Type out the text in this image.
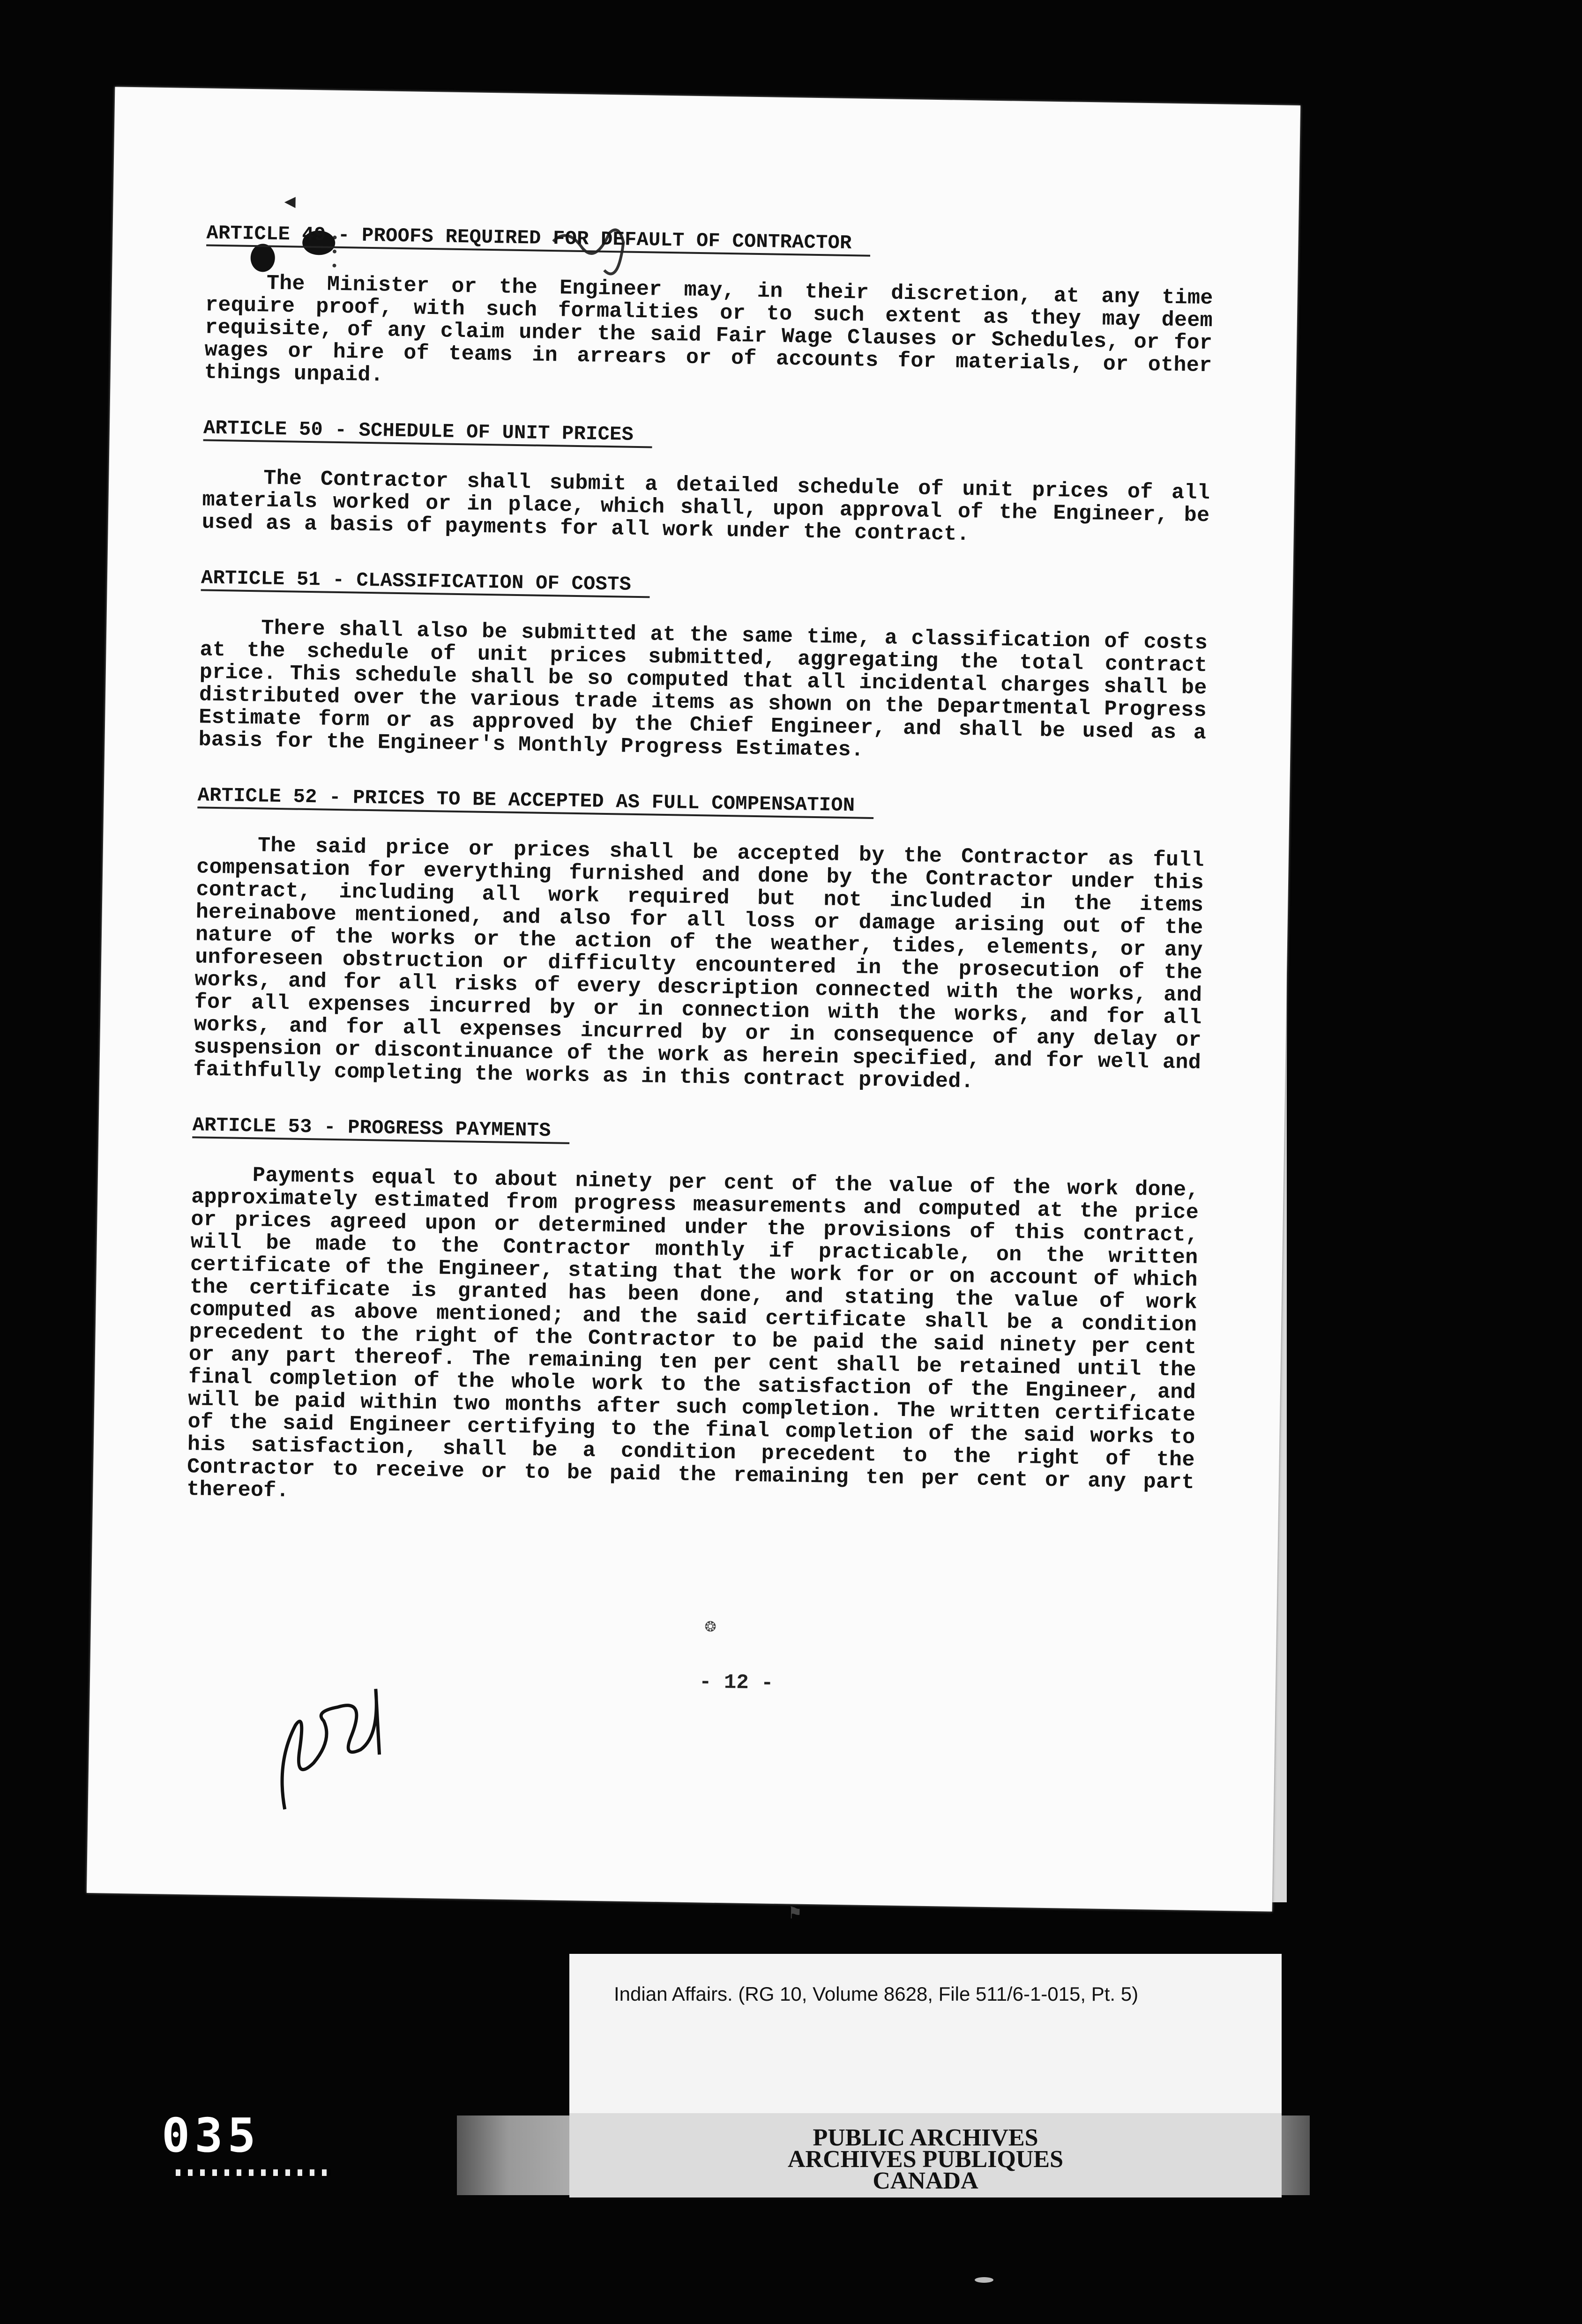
◀
ARTICLE 49 - PROOFS REQUIRED FOR DEFAULT OF CONTRACTOR

The Minister or the Engineer may, in their discretion, at any time require proof, with such formalities or to such extent as they may deem requisite, of any claim under the said Fair Wage Clauses or Schedules, or for wages or hire of teams in arrears or of accounts for materials, or other things unpaid.

ARTICLE 50 - SCHEDULE OF UNIT PRICES

The Contractor shall submit a detailed schedule of unit prices of all materials worked or in place, which shall, upon approval of the Engineer, be used as a basis of payments for all work under the contract.

ARTICLE 51 - CLASSIFICATION OF COSTS

There shall also be submitted at the same time, a classification of costs at the schedule of unit prices submitted, aggregating the total contract price. This schedule shall be so computed that all incidental charges shall be distributed over the various trade items as shown on the Departmental Progress Estimate form or as approved by the Chief Engineer, and shall be used as a basis for the Engineer's Monthly Progress Estimates.

ARTICLE 52 - PRICES TO BE ACCEPTED AS FULL COMPENSATION

The said price or prices shall be accepted by the Contractor as full compensation for everything furnished and done by the Contractor under this contract, including all work required but not included in the items hereinabove mentioned, and also for all loss or damage arising out of the nature of the works or the action of the weather, tides, elements, or any unforeseen obstruction or difficulty encountered in the prosecution of the works, and for all risks of every description connected with the works, and for all expenses incurred by or in connection with the works, and for all works, and for all expenses incurred by or in consequence of any delay or suspension or discontinuance of the work as herein specified, and for well and faithfully completing the works as in this contract provided.

ARTICLE 53 - PROGRESS PAYMENTS

Payments equal to about ninety per cent of the value of the work done, approximately estimated from progress measurements and computed at the price or prices agreed upon or determined under the provisions of this contract, will be made to the Contractor monthly if practicable, on the written certificate of the Engineer, stating that the work for or on account of which the certificate is granted has been done, and stating the value of work computed as above mentioned; and the said certificate shall be a condition precedent to the right of the Contractor to be paid the said ninety per cent or any part thereof. The remaining ten per cent shall be retained until the final completion of the whole work to the satisfaction of the Engineer, and will be paid within two months after such completion. The written certificate of the said Engineer certifying to the final completion of the said works to his satisfaction, shall be a condition precedent to the right of the Contractor to receive or to be paid the remaining ten per cent or any part thereof.

❂
- 12 -
⚑
Indian Affairs. (RG 10, Volume 8628, File 511/6-1-015, Pt. 5)
PUBLIC ARCHIVES
ARCHIVES PUBLIQUES
CANADA
035
